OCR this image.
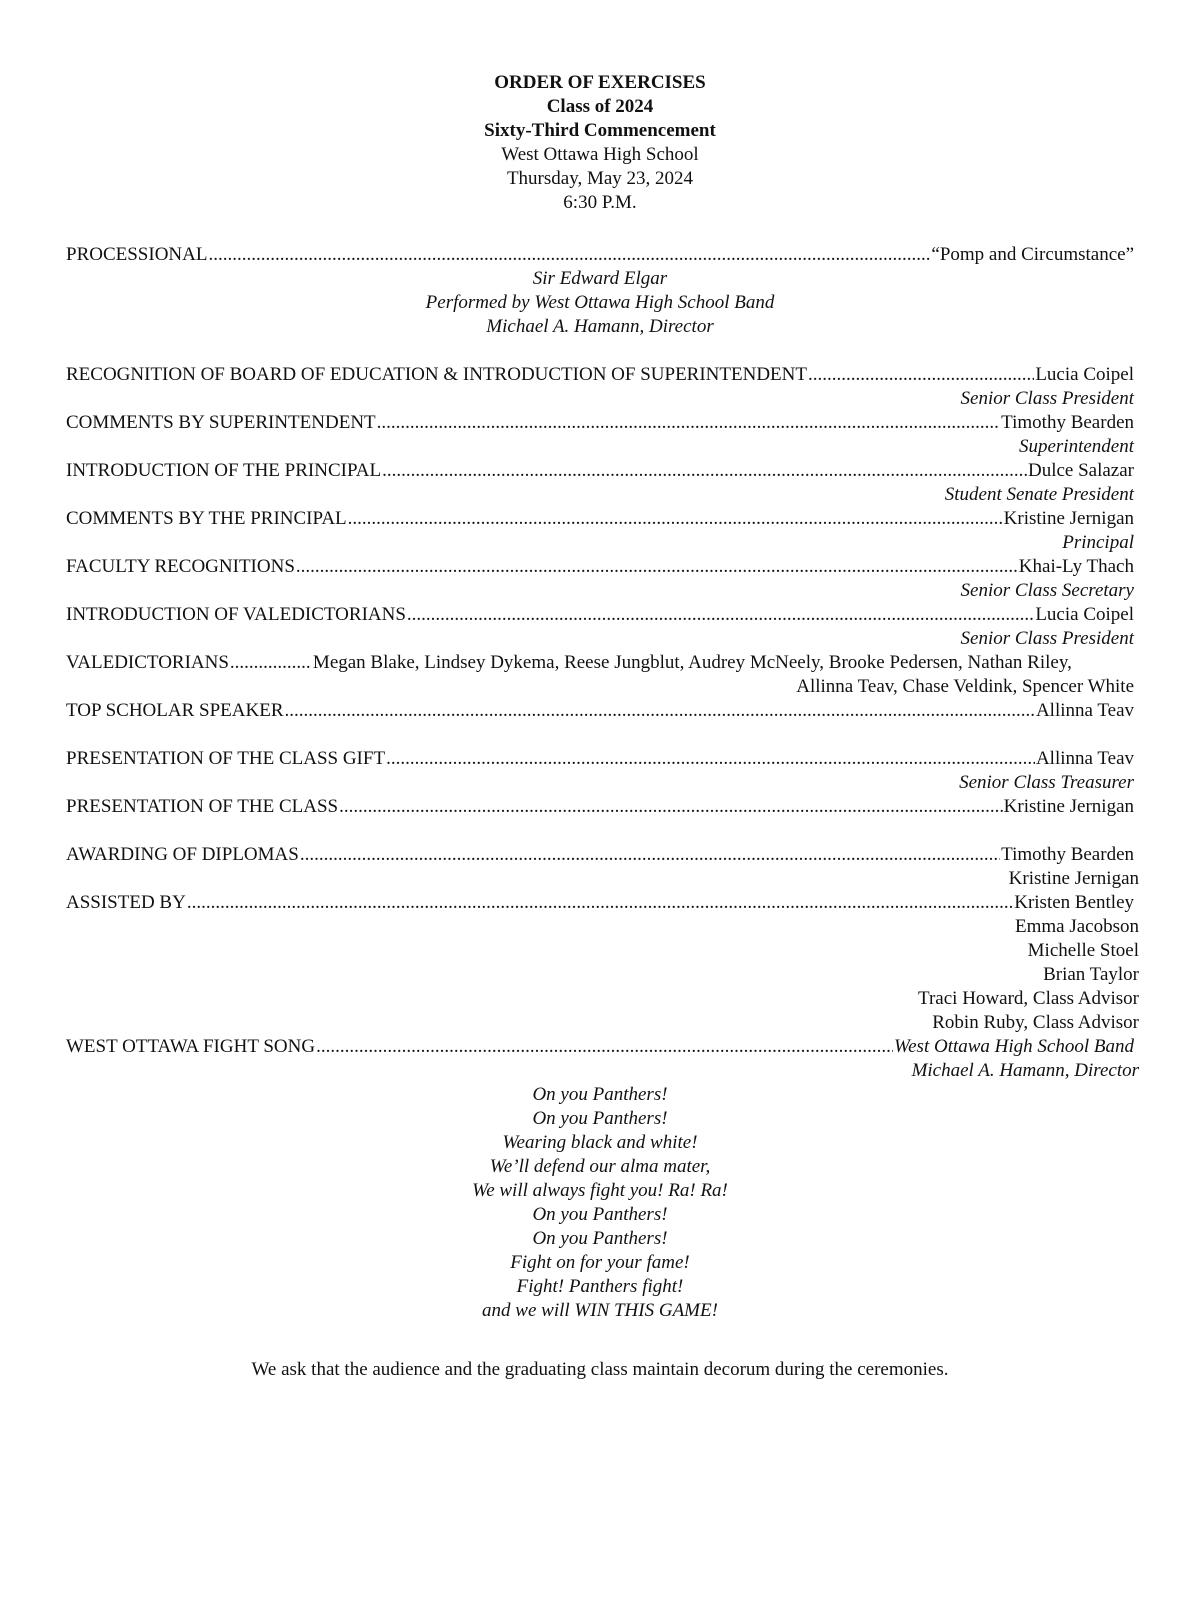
ORDER OF EXERCISES
Class of 2024
Sixty-Third Commencement
West Ottawa High School
Thursday, May 23, 2024
6:30 P.M.
PROCESSIONAL .....	“Pomp and Circumstance”
Sir Edward Elgar
Performed by West Ottawa High School Band
Michael A. Hamann, Director
RECOGNITION OF BOARD OF EDUCATION & INTRODUCTION OF SUPERINTENDENT .....	Lucia Coipel
Senior Class President
COMMENTS BY SUPERINTENDENT .....	Timothy Bearden
Superintendent
INTRODUCTION OF THE PRINCIPAL .....	Dulce Salazar
Student Senate President
COMMENTS BY THE PRINCIPAL .....	Kristine Jernigan
Principal
FACULTY RECOGNITIONS .....	Khai-Ly Thach
Senior Class Secretary
INTRODUCTION OF VALEDICTORIANS .....	Lucia Coipel
Senior Class President
VALEDICTORIANS .....	Megan Blake, Lindsey Dykema, Reese Jungblut, Audrey McNeely, Brooke Pedersen, Nathan Riley,
Allinna Teav, Chase Veldink, Spencer White
TOP SCHOLAR SPEAKER .....	Allinna Teav
PRESENTATION OF THE CLASS GIFT .....	Allinna Teav
Senior Class Treasurer
PRESENTATION OF THE CLASS .....	Kristine Jernigan
AWARDING OF DIPLOMAS .....	Timothy Bearden
Kristine Jernigan
ASSISTED BY .....	Kristen Bentley
Emma Jacobson
Michelle Stoel
Brian Taylor
Traci Howard, Class Advisor
Robin Ruby, Class Advisor
WEST OTTAWA FIGHT SONG .....	West Ottawa High School Band
Michael A. Hamann, Director
On you Panthers!
On you Panthers!
Wearing black and white!
We’ll defend our alma mater,
We will always fight you! Ra! Ra!
On you Panthers!
On you Panthers!
Fight on for your fame!
Fight! Panthers fight!
and we will WIN THIS GAME!
We ask that the audience and the graduating class maintain decorum during the ceremonies.
